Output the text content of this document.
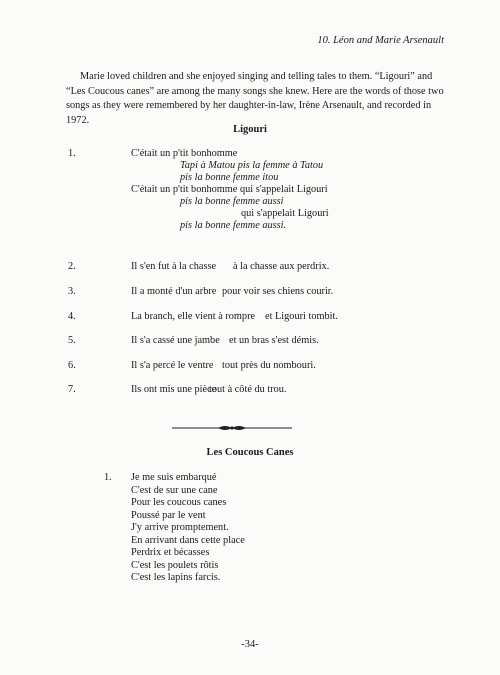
10. Léon and Marie Arsenault

Marie loved children and she enjoyed singing and telling tales to them. “Ligouri” and “Les Coucous canes” are among the many songs she knew. Here are the words of those two songs as they were remembered by her daughter-in-law, Irène Arsenault, and recorded in 1972.

Ligouri
1.	C'était un p'tit bonhomme
Tapi à Matou pis la femme à Tatou
pis la bonne femme itou
C'était un p'tit bonhomme qui s'appelait Ligouri
pis la bonne femme aussi
qui s'appelait Ligouri
pis la bonne femme aussi.
2.	Il s'en fut à la chasse à la chasse aux perdrix.
3.	Il a monté d'un arbre pour voir ses chiens courir.
4.	La branch, elle vient à rompre et Ligouri tombit.
5.	Il s'a cassé une jambe et un bras s'est démis.
6.	Il s'a percé le ventre tout près du nombouri.
7.	Ils ont mis une pièce
tout à côté du trou.
Les Coucous Canes
1. Je me suis embarqué
C'est de sur une cane
Pour les coucous canes
Poussé par le vent
J'y arrive promptement.
En arrivant dans cette place
Perdrix et bécasses
C'est les poulets rôtis
C'est les lapins farcis.
-34-
